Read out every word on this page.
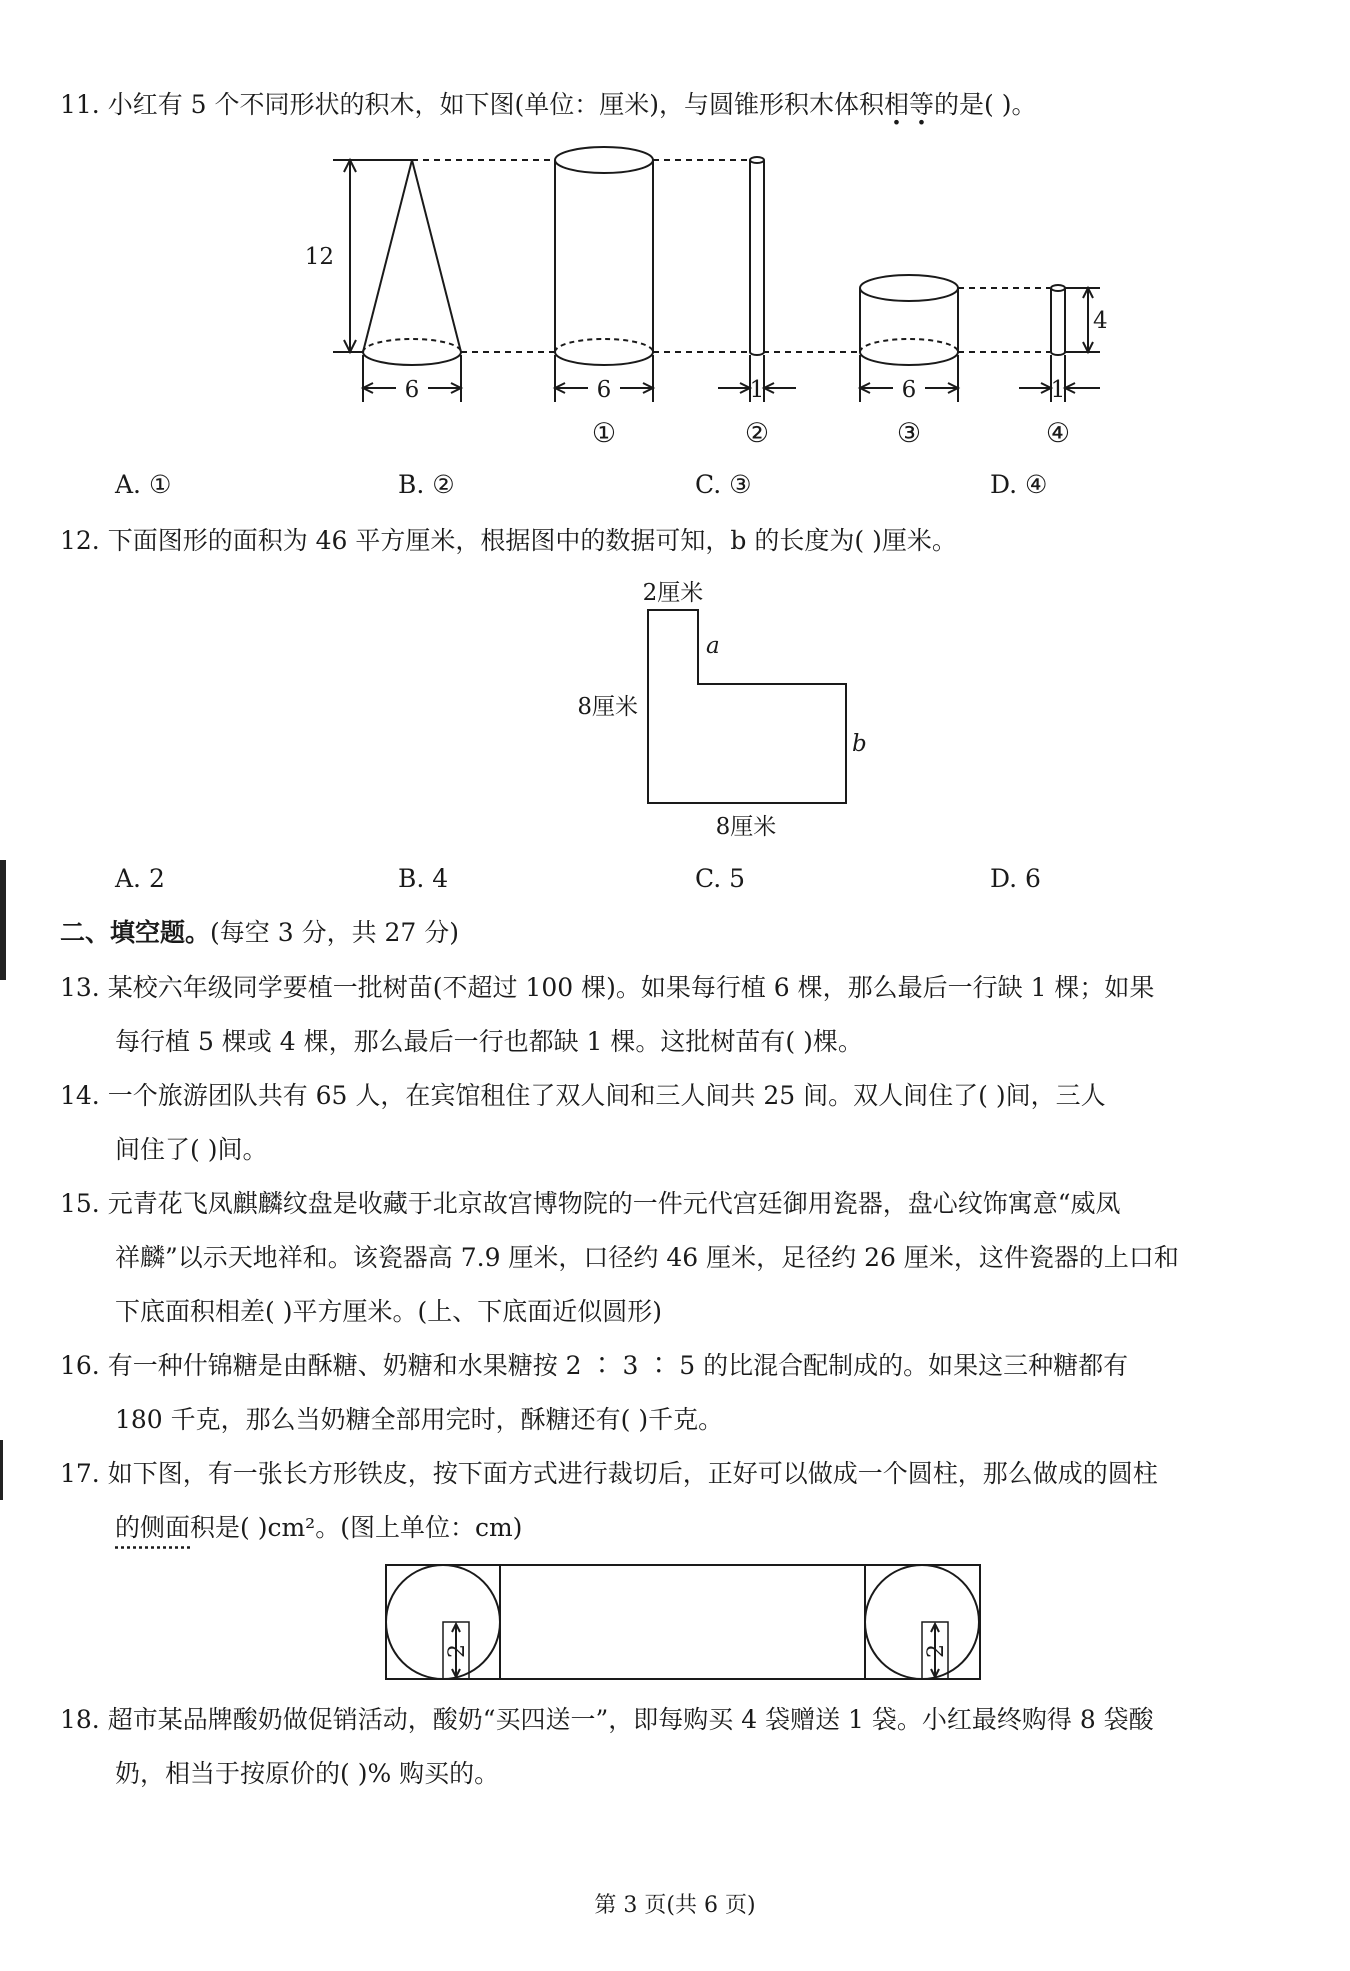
11. 小红有 5 个不同形状的积木，如下图(单位：厘米)，与圆锥形积木体积相等的是( )。
12
6	6	1	6	1
4
①	②	③	④
A. ①	B. ②	C. ③	D. ④
12. 下面图形的面积为 46 平方厘米，根据图中的数据可知，b 的长度为( )厘米。
2厘米
a
8厘米
b
8厘米
A. 2	B. 4	C. 5	D. 6
二、填空题。(每空 3 分，共 27 分)
13. 某校六年级同学要植一批树苗(不超过 100 棵)。如果每行植 6 棵，那么最后一行缺 1 棵；如果
每行植 5 棵或 4 棵，那么最后一行也都缺 1 棵。这批树苗有( )棵。
14. 一个旅游团队共有 65 人，在宾馆租住了双人间和三人间共 25 间。双人间住了( )间，三人
间住了( )间。
15. 元青花飞凤麒麟纹盘是收藏于北京故宫博物院的一件元代宫廷御用瓷器，盘心纹饰寓意“威凤
祥麟”以示天地祥和。该瓷器高 7.9 厘米，口径约 46 厘米，足径约 26 厘米，这件瓷器的上口和
下底面积相差( )平方厘米。(上、下底面近似圆形)
16. 有一种什锦糖是由酥糖、奶糖和水果糖按 2 ∶ 3 ∶ 5 的比混合配制成的。如果这三种糖都有
180 千克，那么当奶糖全部用完时，酥糖还有( )千克。
17. 如下图，有一张长方形铁皮，按下面方式进行裁切后，正好可以做成一个圆柱，那么做成的圆柱
的侧面积是( )cm²。(图上单位：cm)
2	2
18. 超市某品牌酸奶做促销活动，酸奶“买四送一”，即每购买 4 袋赠送 1 袋。小红最终购得 8 袋酸
奶，相当于按原价的( )% 购买的。
第 3 页(共 6 页)
